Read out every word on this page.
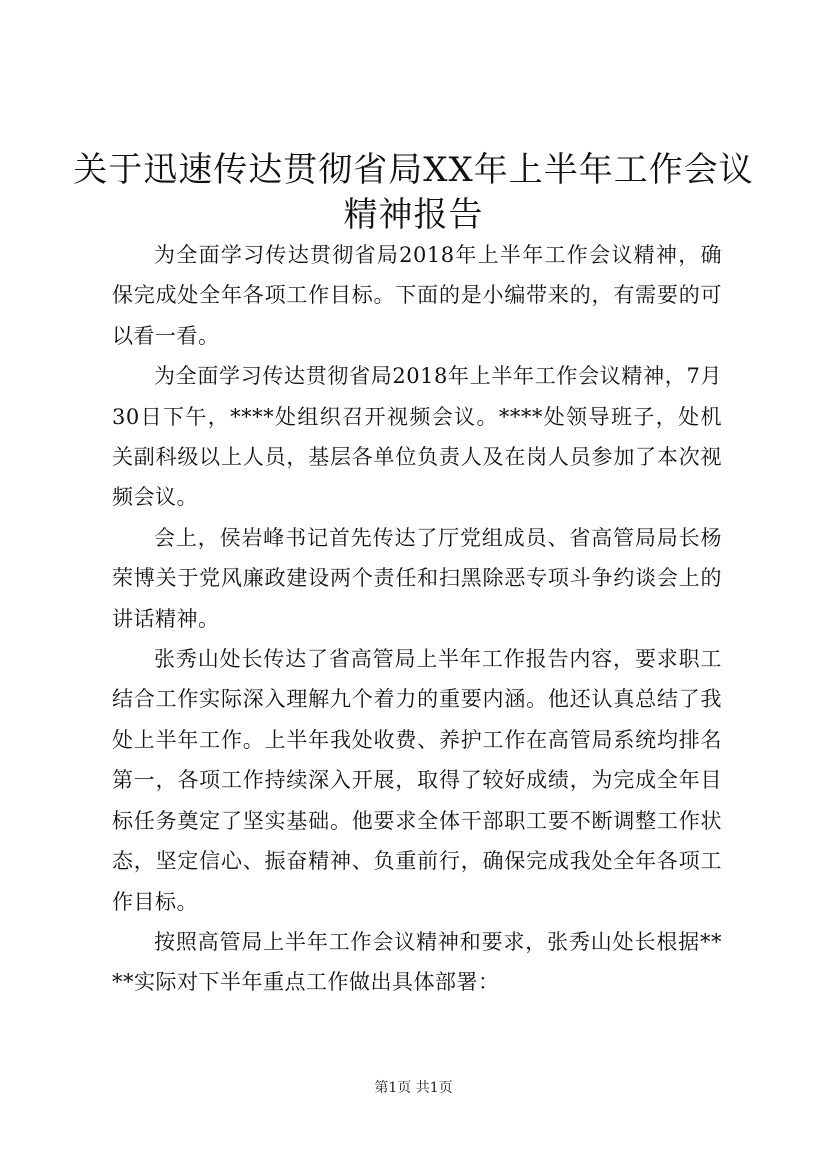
关于迅速传达贯彻省局XX年上半年工作会议
精神报告

为全面学习传达贯彻省局2018年上半年工作会议精神，确保完成处全年各项工作目标。下面的是小编带来的，有需要的可以看一看。

为全面学习传达贯彻省局2018年上半年工作会议精神，7月30日下午，****处组织召开视频会议。****处领导班子，处机关副科级以上人员，基层各单位负责人及在岗人员参加了本次视频会议。

会上，侯岩峰书记首先传达了厅党组成员、省高管局局长杨荣博关于党风廉政建设两个责任和扫黑除恶专项斗争约谈会上的讲话精神。

张秀山处长传达了省高管局上半年工作报告内容，要求职工结合工作实际深入理解九个着力的重要内涵。他还认真总结了我处上半年工作。上半年我处收费、养护工作在高管局系统均排名第一，各项工作持续深入开展，取得了较好成绩，为完成全年目标任务奠定了坚实基础。他要求全体干部职工要不断调整工作状态，坚定信心、振奋精神、负重前行，确保完成我处全年各项工作目标。

按照高管局上半年工作会议精神和要求，张秀山处长根据****实际对下半年重点工作做出具体部署：

第1页 共1页
